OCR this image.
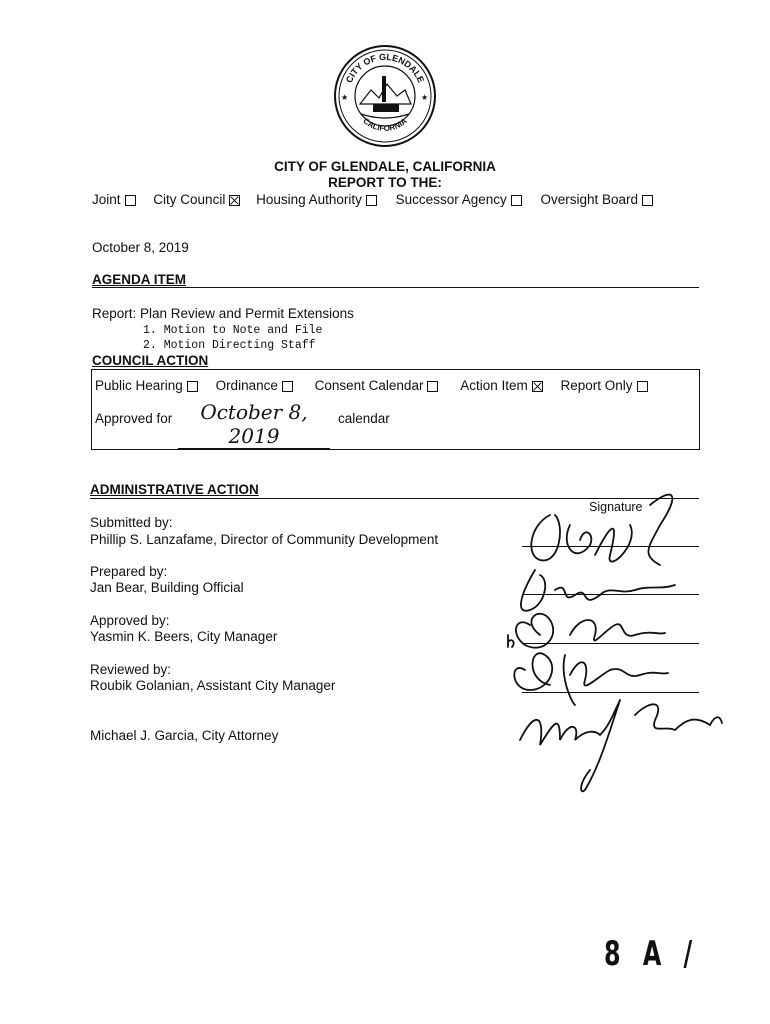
CITY OF GLENDALE
CALIFORNIA
★	★
CITY OF GLENDALE, CALIFORNIA
REPORT TO THE:
Joint City Council Housing Authority	Successor Agency	Oversight Board
October 8, 2019
AGENDA ITEM
Report: Plan Review and Permit Extensions
1. Motion to Note and File
2. Motion Directing Staff
COUNCIL ACTION
Public Hearing Ordinance	Consent Calendar	Action Item Report Only
Approved for	October 8, 2019
calendar
ADMINISTRATIVE ACTION
Signature
Submitted by:
Phillip S. Lanzafame, Director of Community Development
Prepared by:
Jan Bear, Building Official
Approved by:
Yasmin K. Beers, City Manager
Reviewed by:
Roubik Golanian, Assistant City Manager
Michael J. Garcia, City Attorney
8 A /
